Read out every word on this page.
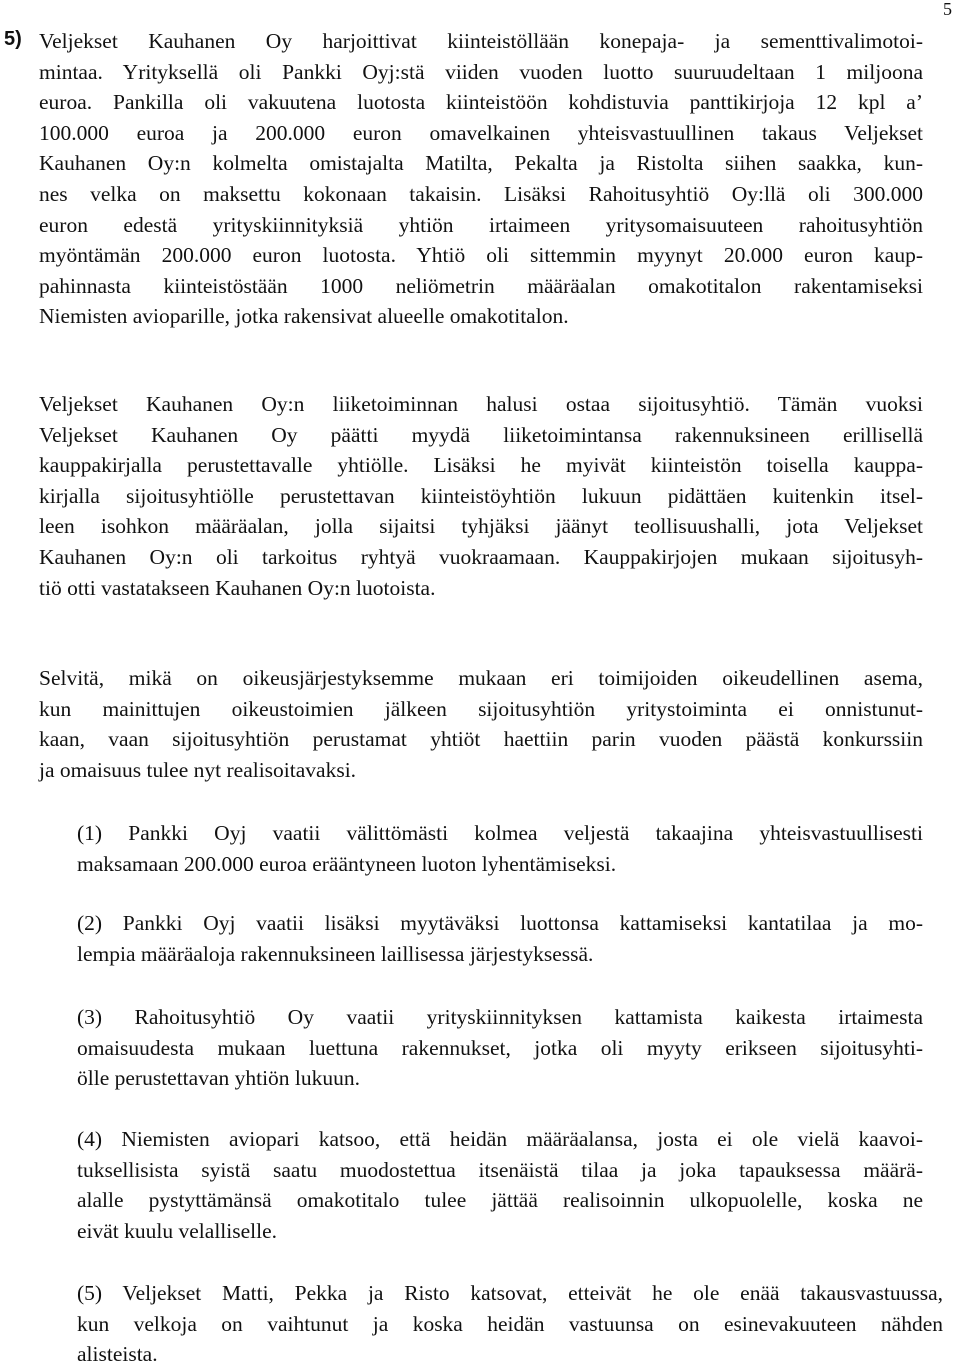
5
5) Veljekset Kauhanen Oy harjoittivat kiinteistöllään konepaja- ja sementtivalimotoi-
mintaa. Yrityksellä oli Pankki Oyj:stä viiden vuoden luotto suuruudeltaan 1 miljoona
euroa. Pankilla oli vakuutena luotosta kiinteistöön kohdistuvia panttikirjoja 12 kpl a’
100.000 euroa ja 200.000 euron omavelkainen yhteisvastuullinen takaus Veljekset
Kauhanen Oy:n kolmelta omistajalta Matilta, Pekalta ja Ristolta siihen saakka, kun-
nes velka on maksettu kokonaan takaisin. Lisäksi Rahoitusyhtiö Oy:llä oli 300.000
euron edestä yrityskiinnityksiä yhtiön irtaimeen yritysomaisuuteen rahoitusyhtiön
myöntämän 200.000 euron luotosta. Yhtiö oli sittemmin myynyt 20.000 euron kaup-
pahinnasta kiinteistöstään 1000 neliömetrin määräalan omakotitalon rakentamiseksi
Niemisten avioparille, jotka rakensivat alueelle omakotitalon.
Veljekset Kauhanen Oy:n liiketoiminnan halusi ostaa sijoitusyhtiö. Tämän vuoksi
Veljekset Kauhanen Oy päätti myydä liiketoimintansa rakennuksineen erillisellä
kauppakirjalla perustettavalle yhtiölle. Lisäksi he myivät kiinteistön toisella kauppa-
kirjalla sijoitusyhtiölle perustettavan kiinteistöyhtiön lukuun pidättäen kuitenkin itsel-
leen isohkon määräalan, jolla sijaitsi tyhjäksi jäänyt teollisuushalli, jota Veljekset
Kauhanen Oy:n oli tarkoitus ryhtyä vuokraamaan. Kauppakirjojen mukaan sijoitusyh-
tiö otti vastatakseen Kauhanen Oy:n luotoista.
Selvitä, mikä on oikeusjärjestyksemme mukaan eri toimijoiden oikeudellinen asema,
kun mainittujen oikeustoimien jälkeen sijoitusyhtiön yritystoiminta ei onnistunut-
kaan, vaan sijoitusyhtiön perustamat yhtiöt haettiin parin vuoden päästä konkurssiin
ja omaisuus tulee nyt realisoitavaksi.
(1) Pankki Oyj vaatii välittömästi kolmea veljestä takaajina yhteisvastuullisesti
maksamaan 200.000 euroa erääntyneen luoton lyhentämiseksi.
(2) Pankki Oyj vaatii lisäksi myytäväksi luottonsa kattamiseksi kantatilaa ja mo-
lempia määräaloja rakennuksineen laillisessa järjestyksessä.
(3) Rahoitusyhtiö Oy vaatii yrityskiinnityksen kattamista kaikesta irtaimesta
omaisuudesta mukaan luettuna rakennukset, jotka oli myyty erikseen sijoitusyhti-
ölle perustettavan yhtiön lukuun.
(4) Niemisten aviopari katsoo, että heidän määräalansa, josta ei ole vielä kaavoi-
tuksellisista syistä saatu muodostettua itsenäistä tilaa ja joka tapauksessa määrä-
alalle pystyttämänsä omakotitalo tulee jättää realisoinnin ulkopuolelle, koska ne
eivät kuulu velalliselle.
(5) Veljekset Matti, Pekka ja Risto katsovat, etteivät he ole enää takausvastuussa,
kun velkoja on vaihtunut ja koska heidän vastuunsa on esinevakuuteen nähden
alisteista.
